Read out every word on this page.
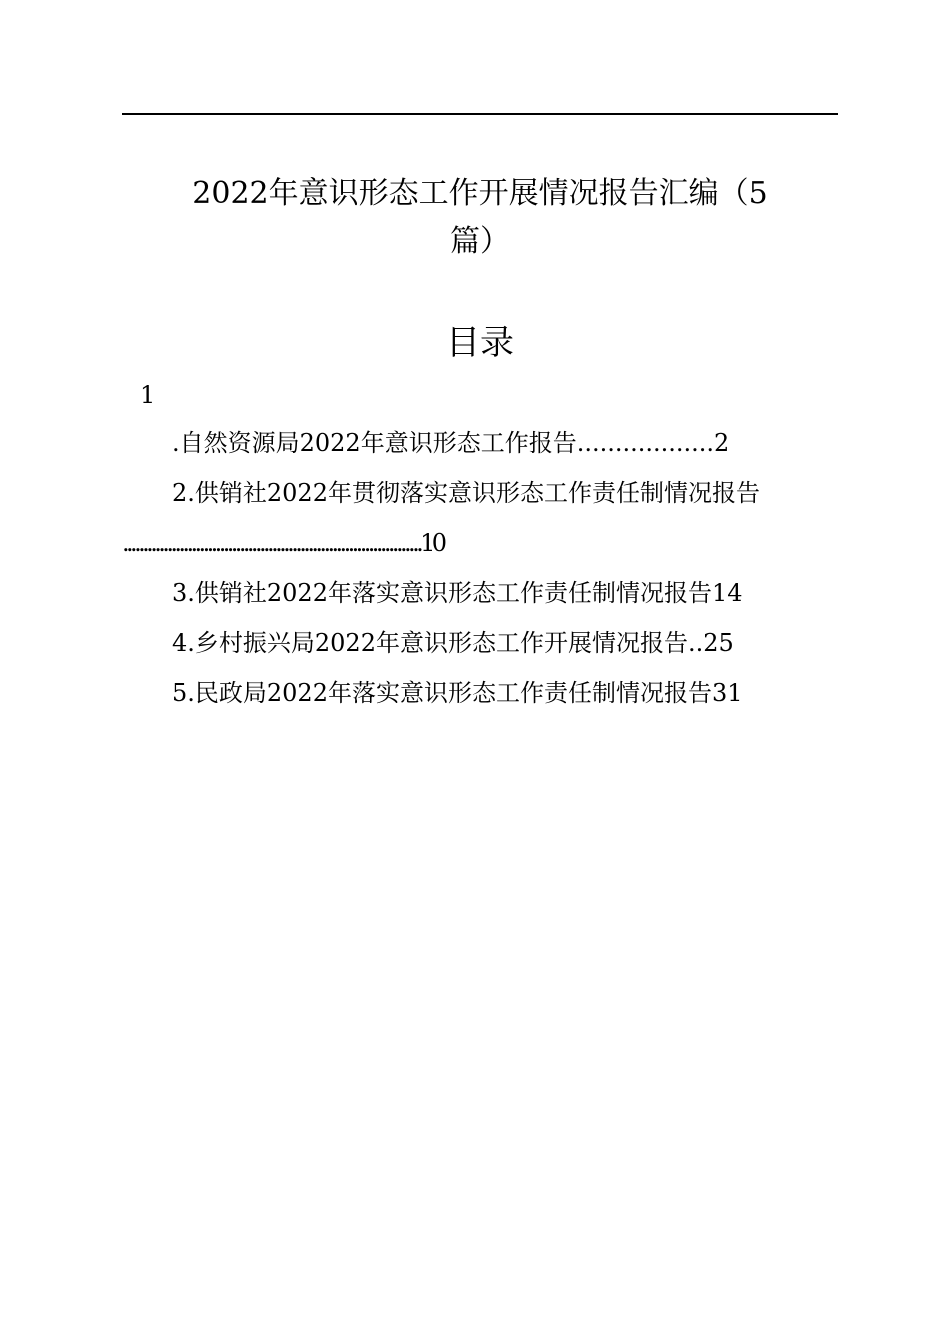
2022年意识形态工作开展情况报告汇编（5
篇）
目录
1
.自然资源局2022年意识形态工作报告..................2
2.供销社2022年贯彻落实意识形态工作责任制情况报告
..........................................................................10
3.供销社2022年落实意识形态工作责任制情况报告14
4.乡村振兴局2022年意识形态工作开展情况报告..25
5.民政局2022年落实意识形态工作责任制情况报告31
